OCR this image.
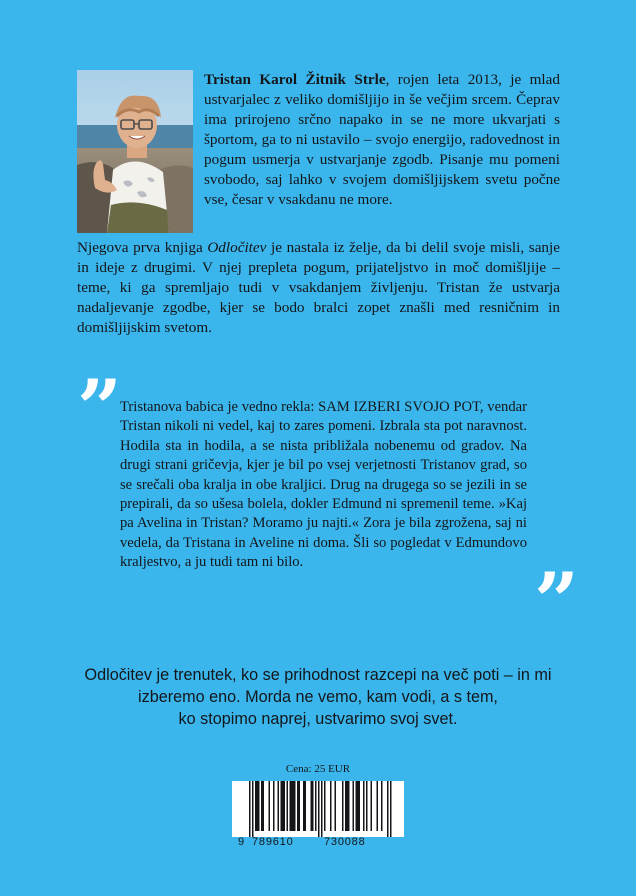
Tristan Karol Žitnik Strle, rojen leta 2013, je mlad ustvarjalec z veliko domišljijo in še večjim srcem. Čeprav ima prirojeno srčno napako in se ne more ukvarjati s športom, ga to ni ustavilo – svojo energijo, radovednost in pogum usmerja v ustvarjanje zgodb. Pisanje mu pomeni svobodo, saj lahko v svojem domišljijskem svetu počne vse, česar v vsakdanu ne more.
Njegova prva knjiga Odločitev je nastala iz želje, da bi delil svoje misli, sanje in ideje z drugimi. V njej prepleta pogum, prijateljstvo in moč domišljije – teme, ki ga spremljajo tudi v vsakdanjem življenju. Tristan že ustvarja nadaljevanje zgodbe, kjer se bodo bralci zopet znašli med resničnim in domišljijskim svetom.
”
Tristanova babica je vedno rekla: SAM IZBERI SVOJO POT, vendar Tristan nikoli ni vedel, kaj to zares pomeni. Izbrala sta pot naravnost. Hodila sta in hodila, a se nista približala nobenemu od gradov. Na drugi strani gričevja, kjer je bil po vsej verjetnosti Tristanov grad, so se srečali oba kralja in obe kraljici. Drug na drugega so se jezili in se prepirali, da so ušesa bolela, dokler Edmund ni spremenil teme. »Kaj pa Avelina in Tristan? Moramo ju najti.« Zora je bila zgrožena, saj ni vedela, da Tristana in Aveline ni doma. Šli so pogledat v Edmundovo kraljestvo, a ju tudi tam ni bilo.	”
Odločitev je trenutek, ko se prihodnost razcepi na več poti – in mi
izberemo eno. Morda ne vemo, kam vodi, a s tem,
ko stopimo naprej, ustvarimo svoj svet.
Cena: 25 EUR
9 789610	730088
